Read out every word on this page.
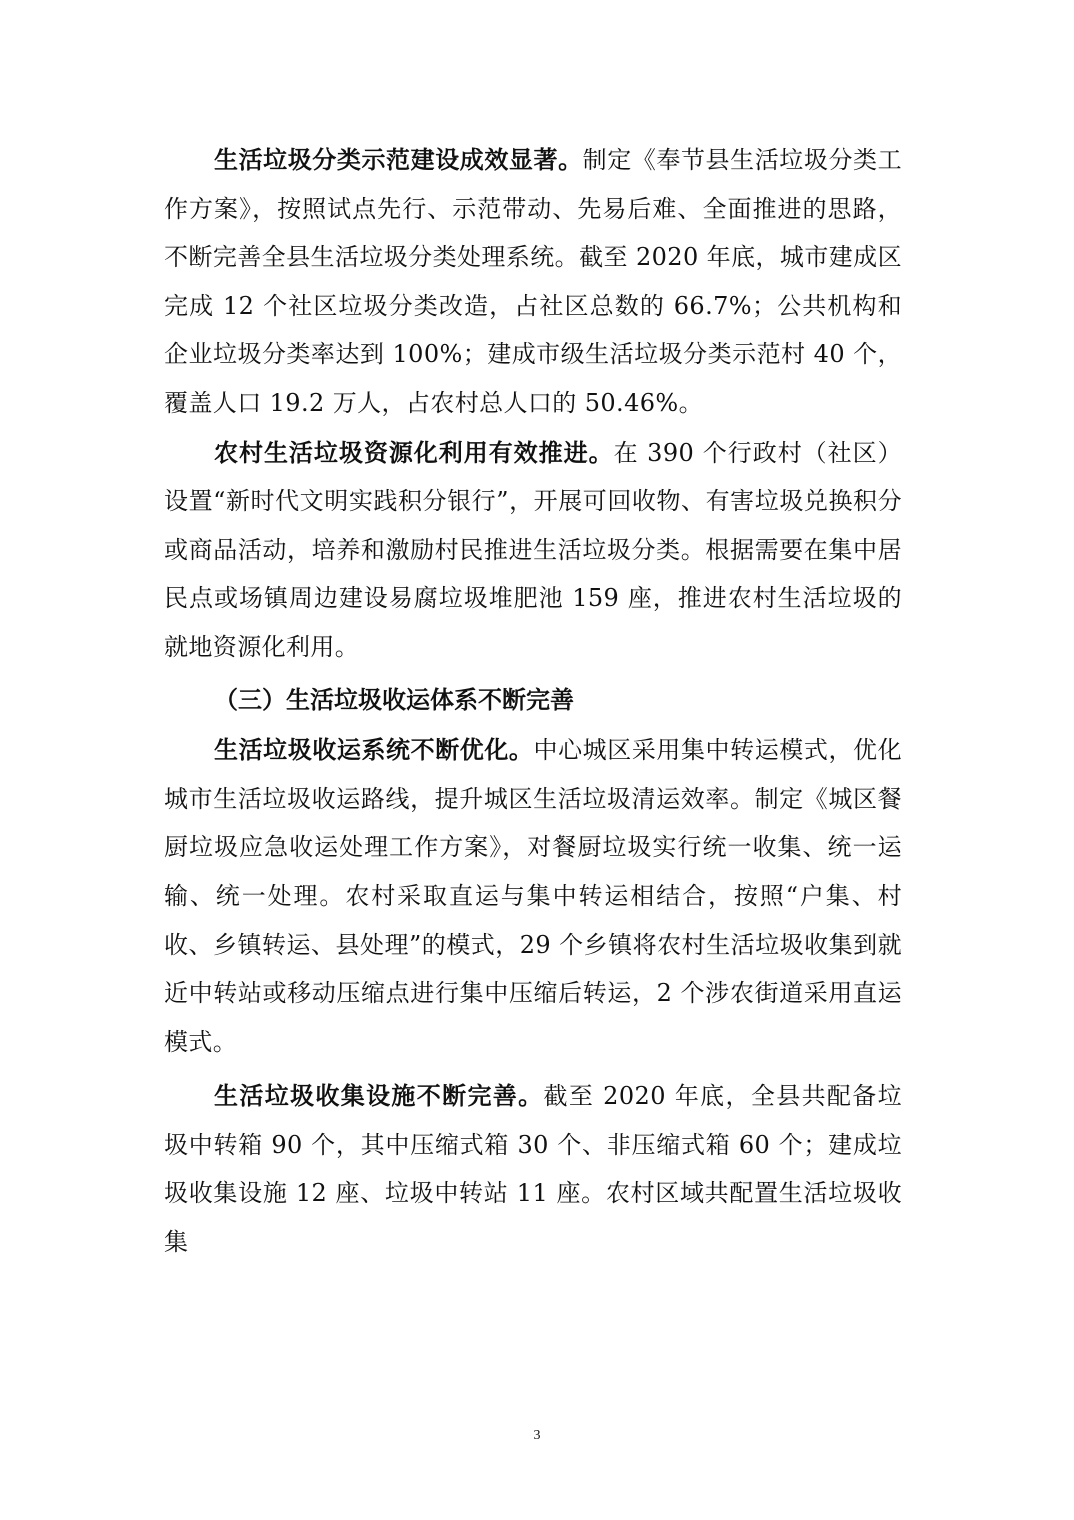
生活垃圾分类示范建设成效显著。制定《奉节县生活垃圾分类工作方案》，按照试点先行、示范带动、先易后难、全面推进的思路，不断完善全县生活垃圾分类处理系统。截至 2020 年底，城市建成区完成 12 个社区垃圾分类改造，占社区总数的 66.7%；公共机构和企业垃圾分类率达到 100%；建成市级生活垃圾分类示范村 40 个，覆盖人口 19.2 万人，占农村总人口的 50.46%。

农村生活垃圾资源化利用有效推进。在 390 个行政村（社区）设置“新时代文明实践积分银行”，开展可回收物、有害垃圾兑换积分或商品活动，培养和激励村民推进生活垃圾分类。根据需要在集中居民点或场镇周边建设易腐垃圾堆肥池 159 座，推进农村生活垃圾的就地资源化利用。

（三）生活垃圾收运体系不断完善

生活垃圾收运系统不断优化。中心城区采用集中转运模式，优化城市生活垃圾收运路线，提升城区生活垃圾清运效率。制定《城区餐厨垃圾应急收运处理工作方案》，对餐厨垃圾实行统一收集、统一运输、统一处理。农村采取直运与集中转运相结合，按照“户集、村收、乡镇转运、县处理”的模式，29 个乡镇将农村生活垃圾收集到就近中转站或移动压缩点进行集中压缩后转运，2 个涉农街道采用直运模式。

生活垃圾收集设施不断完善。截至 2020 年底，全县共配备垃圾中转箱 90 个，其中压缩式箱 30 个、非压缩式箱 60 个；建成垃圾收集设施 12 座、垃圾中转站 11 座。农村区域共配置生活垃圾收集

3
